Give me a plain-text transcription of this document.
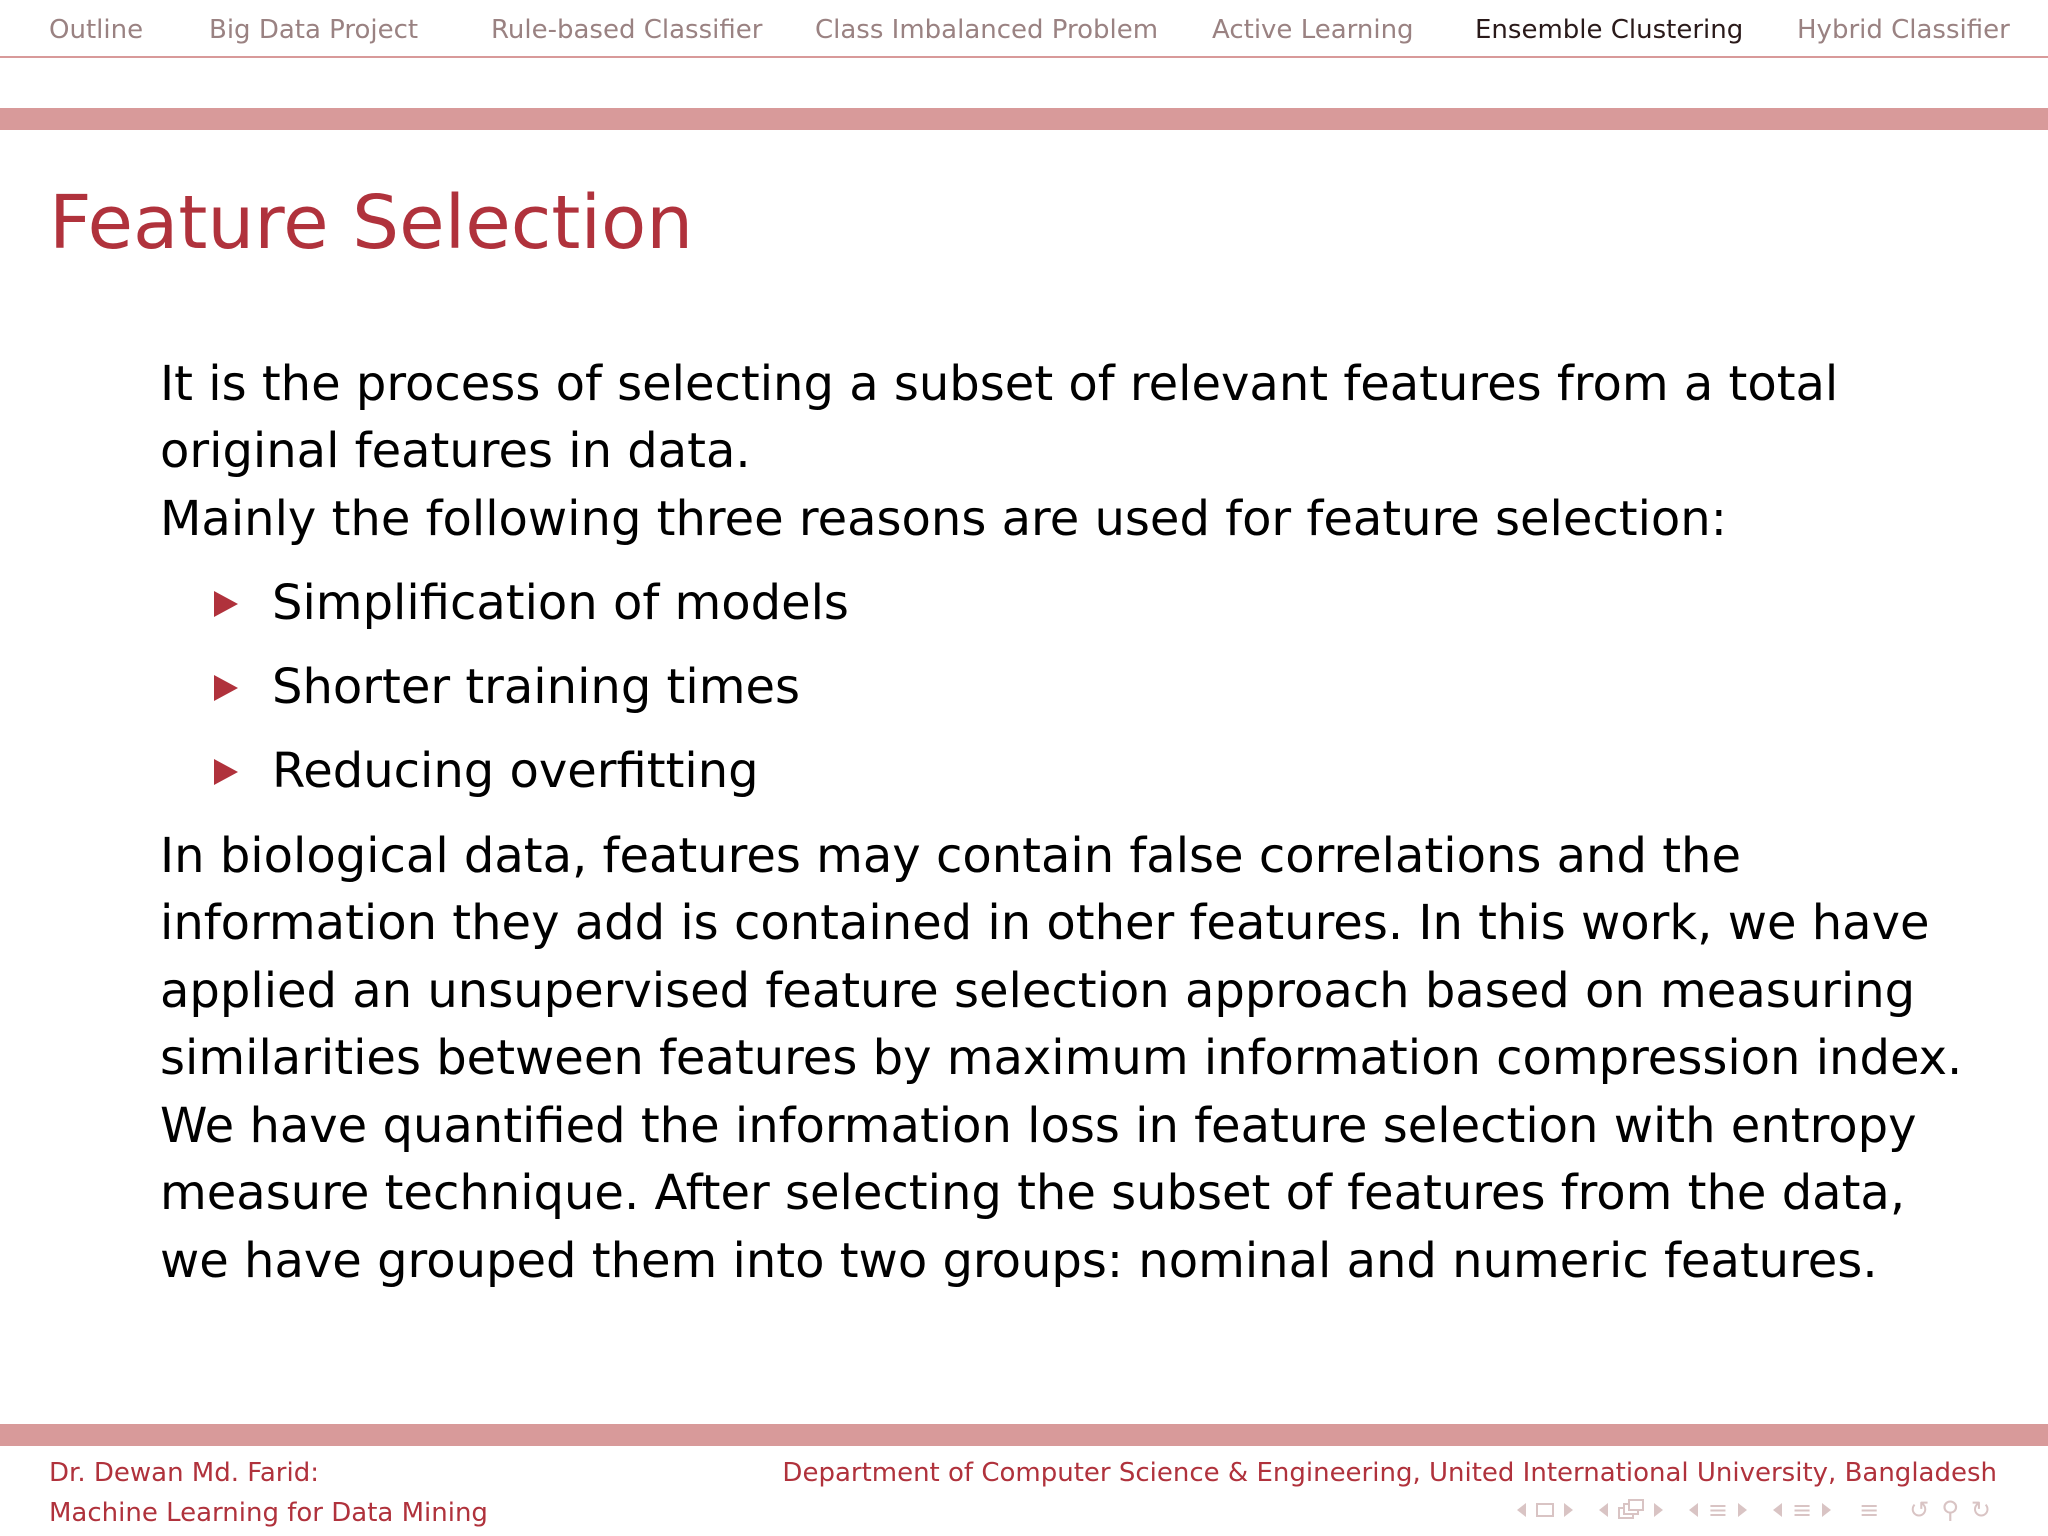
Outline	Big Data Project	Rule-based Classifier Class Imbalanced Problem Active Learning Ensemble Clustering Hybrid Classifier
Feature Selection
It is the process of selecting a subset of relevant features from a total
original features in data.
Mainly the following three reasons are used for feature selection:
Simplification of models
Shorter training times
Reducing overfitting
In biological data, features may contain false correlations and the
information they add is contained in other features. In this work, we have
applied an unsupervised feature selection approach based on measuring
similarities between features by maximum information compression index.
We have quantified the information loss in feature selection with entropy
measure technique. After selecting the subset of features from the data,
we have grouped them into two groups: nominal and numeric features.
Dr. Dewan Md. Farid:
Machine Learning for Data Mining
Department of Computer Science & Engineering, United International University, Bangladesh
≡	≡ ≡ ↺ ⚲ ↻
